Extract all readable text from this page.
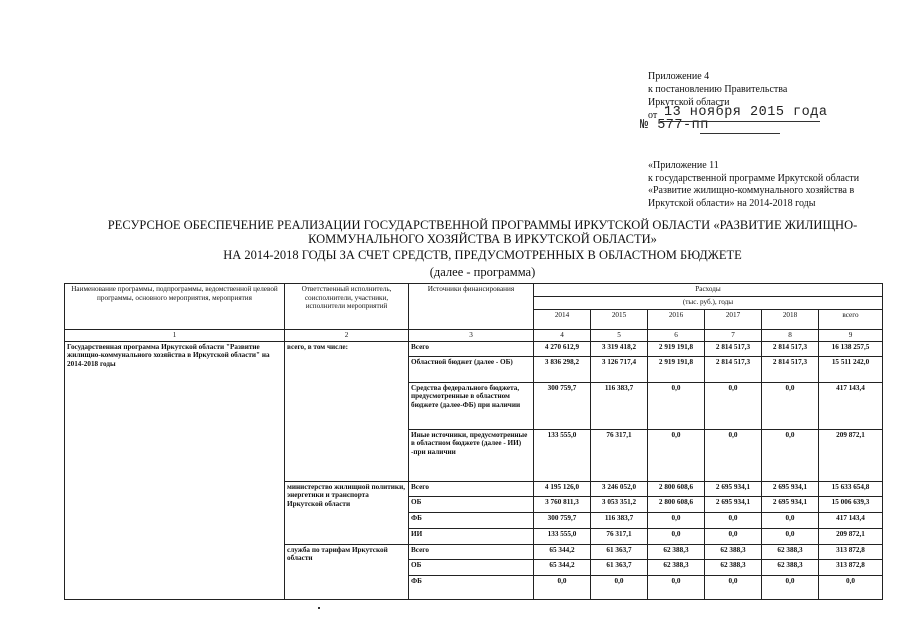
Приложение 4
к постановлению Правительства
Иркутской области
от 13 ноября 2015 года
№ 577-пп
«Приложение 11
к государственной программе Иркутской области
«Развитие жилищно-коммунального хозяйства в
Иркутской области» на 2014-2018 годы
РЕСУРСНОЕ ОБЕСПЕЧЕНИЕ РЕАЛИЗАЦИИ ГОСУДАРСТВЕННОЙ ПРОГРАММЫ ИРКУТСКОЙ ОБЛАСТИ «РАЗВИТИЕ ЖИЛИЩНО-
КОММУНАЛЬНОГО ХОЗЯЙСТВА В ИРКУТСКОЙ ОБЛАСТИ»
НА 2014-2018 ГОДЫ ЗА СЧЕТ СРЕДСТВ, ПРЕДУСМОТРЕННЫХ В ОБЛАСТНОМ БЮДЖЕТЕ
(далее - программа)
Наименование программы, подпрограммы, ведомственной целевой программы, основного мероприятия, мероприятия	Ответственный исполнитель, соисполнители, участники, исполнители мероприятий	Источники финансирования	Расходы					
			(тыс. руб.), годы					
			2014	2015	2016	2017	2018	всего
1	2	3	4	5	6	7	8	9
Государственная программа Иркутской области "Развитие жилищно-коммунального хозяйства в Иркутской области" на 2014-2018 годы	всего, в том числе:	Всего	4 270 612,9	3 319 418,2	2 919 191,8	2 814 517,3	2 814 517,3	16 138 257,5
		Областной бюджет (далее - ОБ)	3 836 298,2	3 126 717,4	2 919 191,8	2 814 517,3	2 814 517,3	15 511 242,0
		Средства федерального бюджета, предусмотренные в областном бюджете (далее-ФБ) при наличии	300 759,7	116 383,7	0,0	0,0	0,0	417 143,4
		Иные источники, предусмотренные в областном бюджете (далее - ИИ) -при наличии	133 555,0	76 317,1	0,0	0,0	0,0	209 872,1
	министерство жилищной политики, энергетики и транспорта Иркутской области	Всего	4 195 126,0	3 246 052,0	2 800 608,6	2 695 934,1	2 695 934,1	15 633 654,8
		ОБ	3 760 811,3	3 053 351,2	2 800 608,6	2 695 934,1	2 695 934,1	15 006 639,3
		ФБ	300 759,7	116 383,7	0,0	0,0	0,0	417 143,4
		ИИ	133 555,0	76 317,1	0,0	0,0	0,0	209 872,1
	служба по тарифам Иркутской области	Всего	65 344,2	61 363,7	62 388,3	62 388,3	62 388,3	313 872,8
		ОБ	65 344,2	61 363,7	62 388,3	62 388,3	62 388,3	313 872,8
		ФБ	0,0	0,0	0,0	0,0	0,0	0,0
